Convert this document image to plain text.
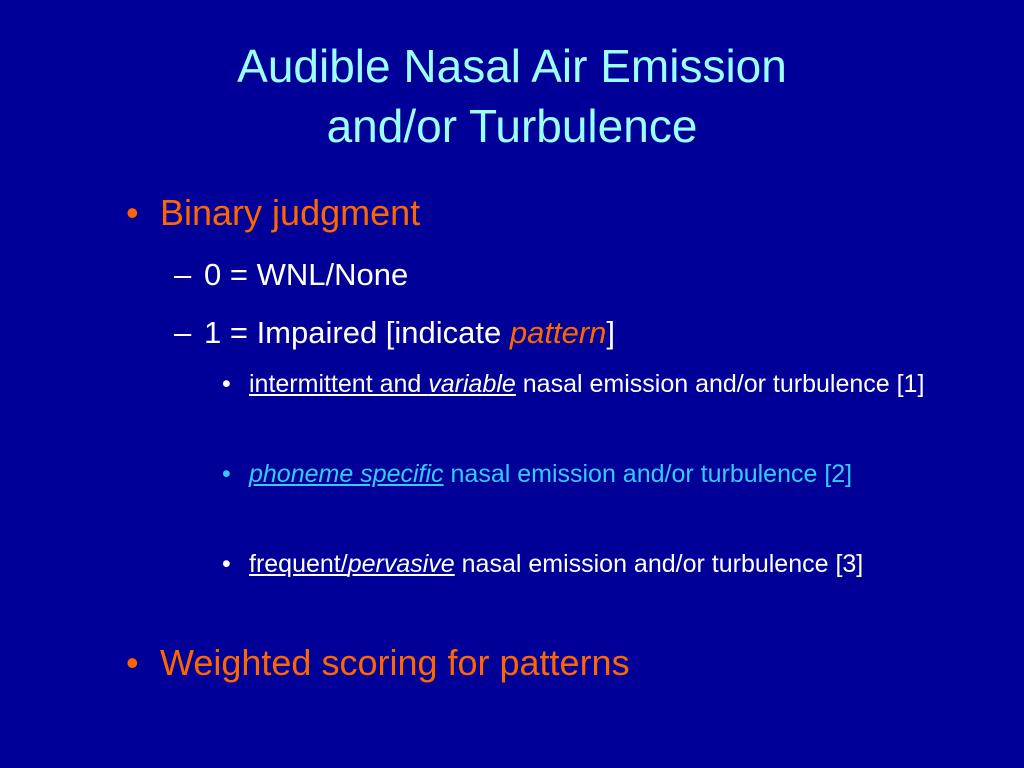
Audible Nasal Air Emission
and/or Turbulence
• Binary judgment
– 0 = WNL/None
– 1 = Impaired [indicate pattern]
• intermittent and variable nasal emission and/or turbulence [1]
• phoneme specific nasal emission and/or turbulence [2]
• frequent/pervasive nasal emission and/or turbulence [3]
• Weighted scoring for patterns
